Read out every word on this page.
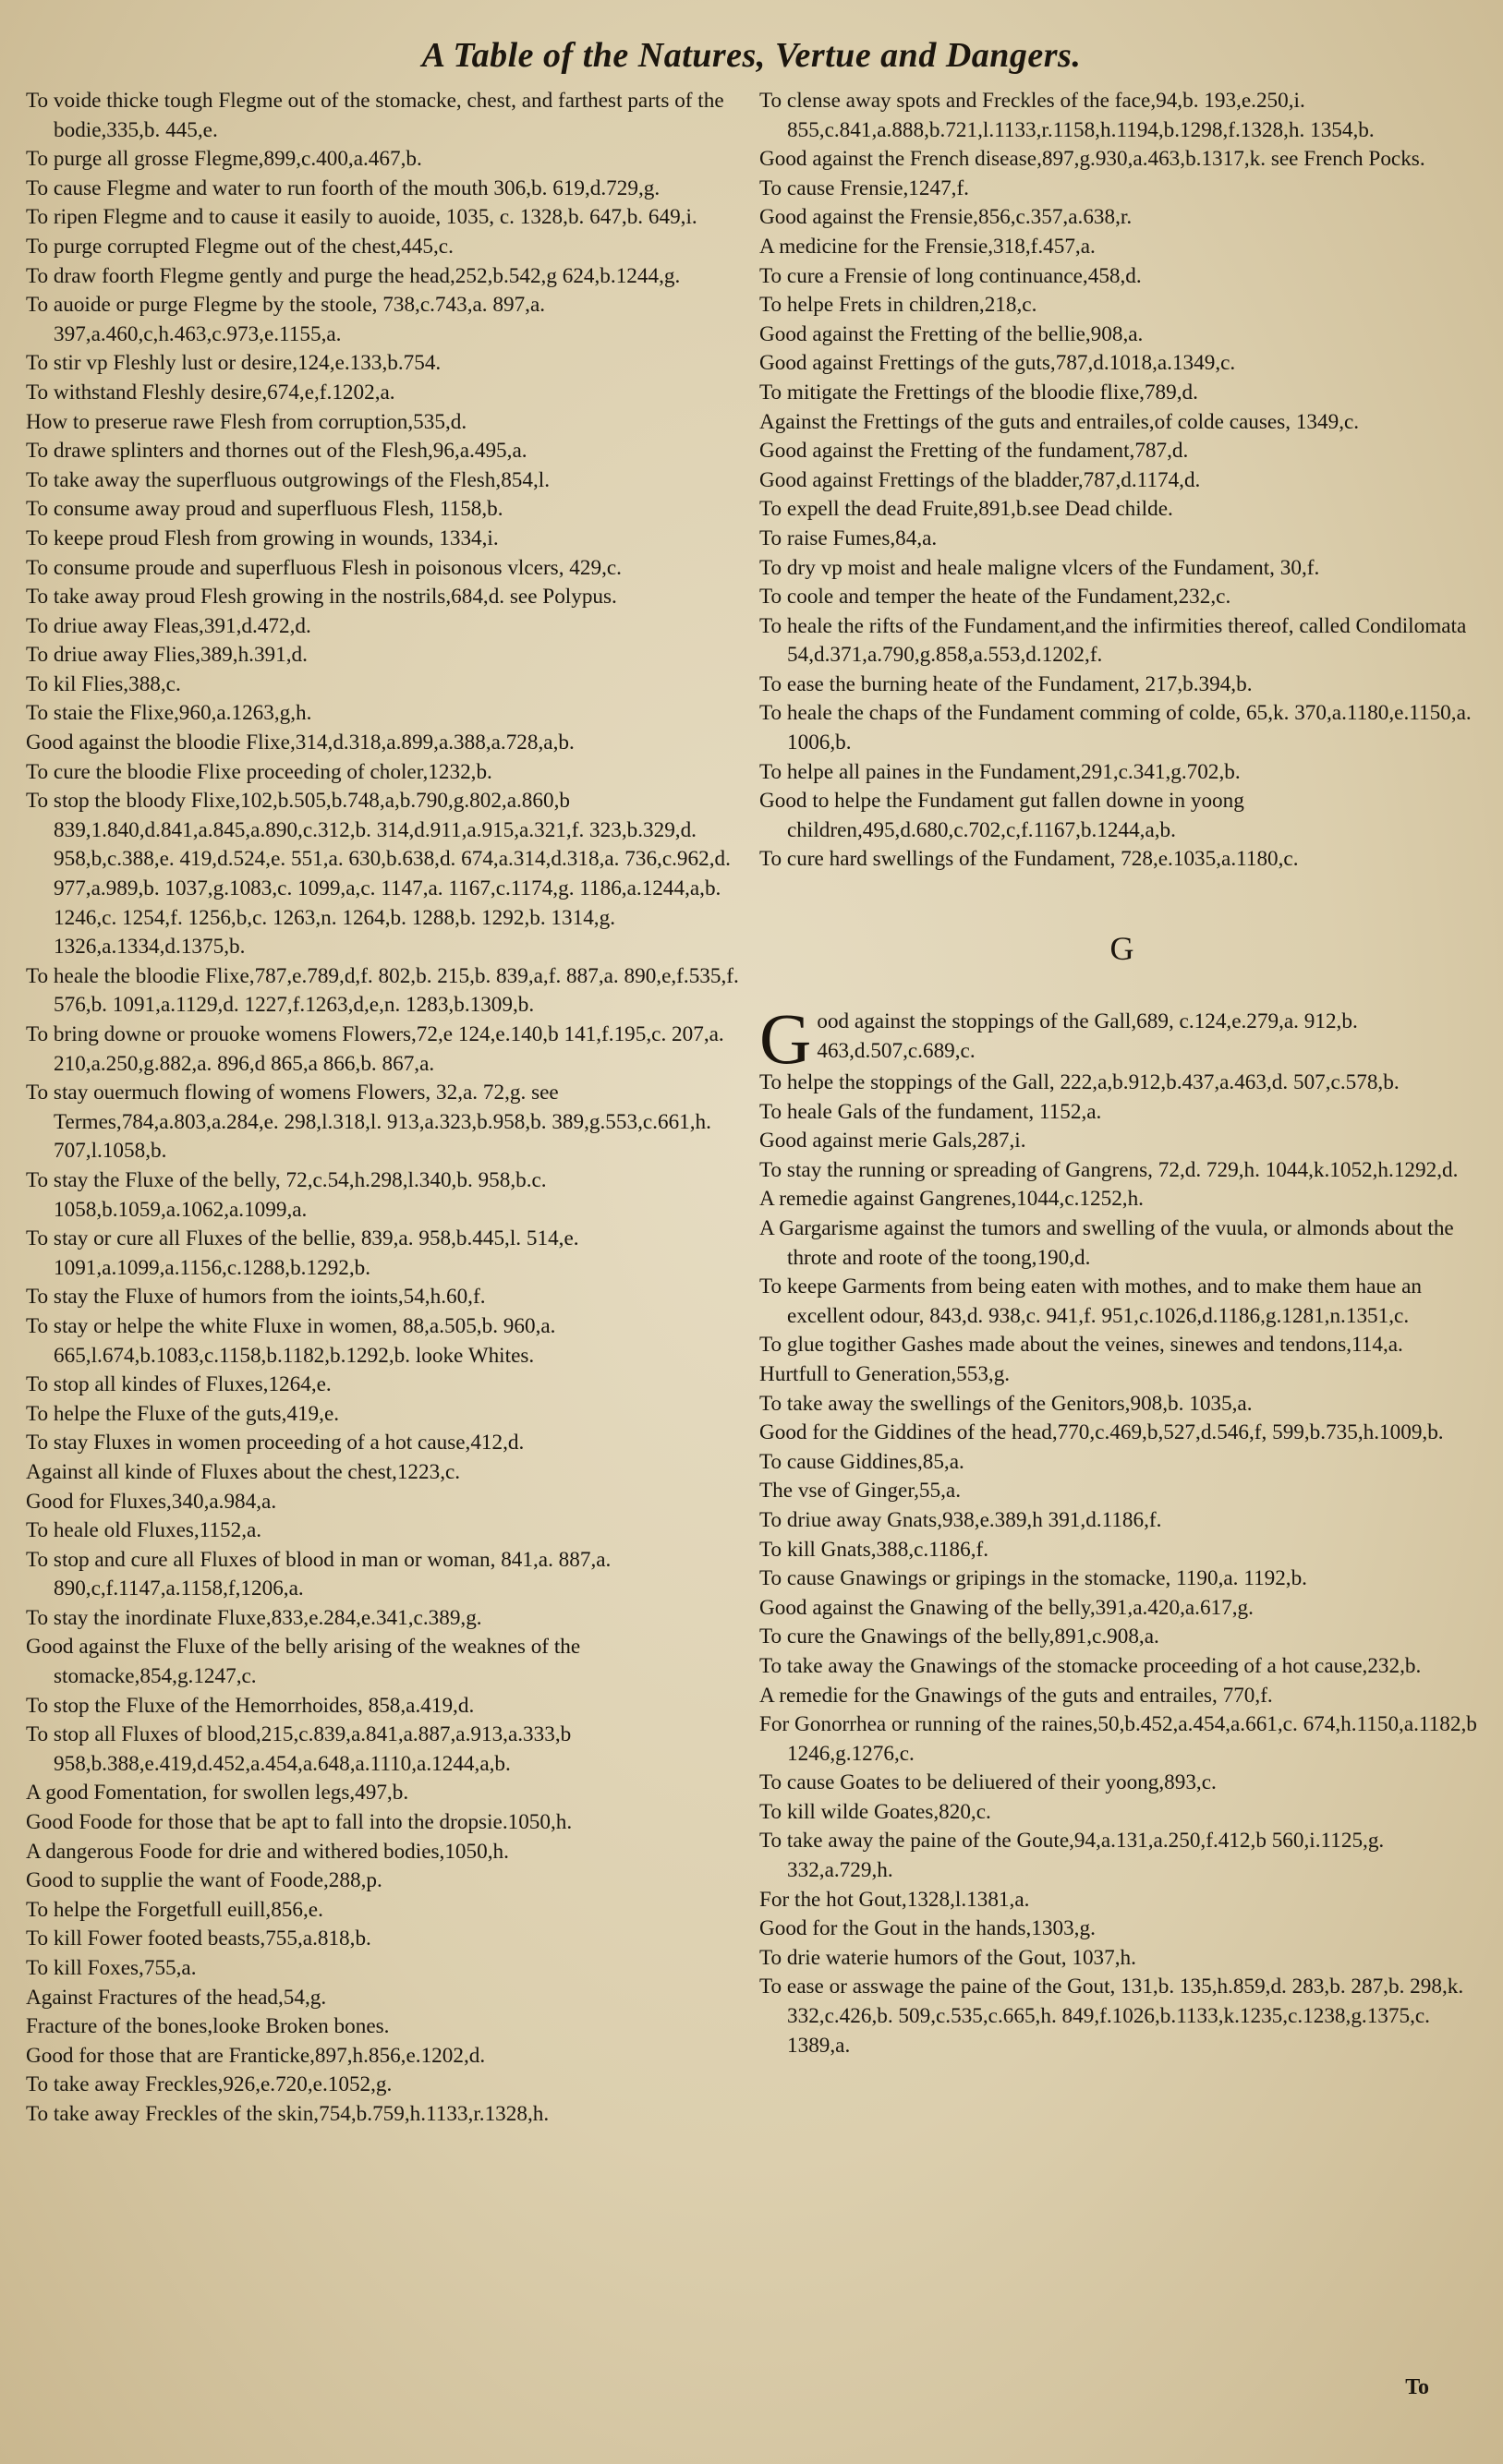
A Table of the Natures, Vertue and Dangers.
To voide thicke tough Flegme out of the stomacke, chest, and farthest parts of the bodie,335,b. 445,e.
To purge all grosse Flegme,899,c.400,a.467,b.
To cause Flegme and water to run foorth of the mouth 306,b. 619,d.729,g.
To ripen Flegme and to cause it easily to auoide, 1035, c. 1328,b. 647,b. 649,i.
To purge corrupted Flegme out of the chest,445,c.
To draw foorth Flegme gently and purge the head,252,b.542,g 624,b.1244,g.
To auoide or purge Flegme by the stoole, 738,c.743,a. 897,a. 397,a.460,c,h.463,c.973,e.1155,a.
To stir vp Fleshly lust or desire,124,e.133,b.754.
To withstand Fleshly desire,674,e,f.1202,a.
How to preserue rawe Flesh from corruption,535,d.
To drawe splinters and thornes out of the Flesh,96,a.495,a.
To take away the superfluous outgrowings of the Flesh,854,l.
To consume away proud and superfluous Flesh, 1158,b.
To keepe proud Flesh from growing in wounds, 1334,i.
To consume proude and superfluous Flesh in poisonous vlcers, 429,c.
To take away proud Flesh growing in the nostrils,684,d. see Polypus.
To driue away Fleas,391,d.472,d.
To driue away Flies,389,h.391,d.
To kil Flies,388,c.
To staie the Flixe,960,a.1263,g,h.
Good against the bloodie Flixe,314,d.318,a.899,a.388,a.728,a,b.
To cure the bloodie Flixe proceeding of choler,1232,b.
To stop the bloody Flixe,102,b.505,b.748,a,b.790,g.802,a.860,b 839,1.840,d.841,a.845,a.890,c.312,b. 314,d.911,a.915,a.321,f. 323,b.329,d. 958,b,c.388,e. 419,d.524,e. 551,a. 630,b.638,d. 674,a.314,d.318,a. 736,c.962,d. 977,a.989,b. 1037,g.1083,c. 1099,a,c. 1147,a. 1167,c.1174,g. 1186,a.1244,a,b. 1246,c. 1254,f. 1256,b,c. 1263,n. 1264,b. 1288,b. 1292,b. 1314,g. 1326,a.1334,d.1375,b.
To heale the bloodie Flixe,787,e.789,d,f. 802,b. 215,b. 839,a,f. 887,a. 890,e,f.535,f. 576,b. 1091,a.1129,d. 1227,f.1263,d,e,n. 1283,b.1309,b.
To bring downe or prouoke womens Flowers,72,e 124,e.140,b 141,f.195,c. 207,a. 210,a.250,g.882,a. 896,d 865,a 866,b. 867,a.
To stay ouermuch flowing of womens Flowers, 32,a. 72,g. see Termes,784,a.803,a.284,e. 298,l.318,l. 913,a.323,b.958,b. 389,g.553,c.661,h. 707,l.1058,b.
To stay the Fluxe of the belly, 72,c.54,h.298,l.340,b. 958,b.c. 1058,b.1059,a.1062,a.1099,a.
To stay or cure all Fluxes of the bellie, 839,a. 958,b.445,l. 514,e. 1091,a.1099,a.1156,c.1288,b.1292,b.
To stay the Fluxe of humors from the ioints,54,h.60,f.
To stay or helpe the white Fluxe in women, 88,a.505,b. 960,a. 665,l.674,b.1083,c.1158,b.1182,b.1292,b. looke Whites.
To stop all kindes of Fluxes,1264,e.
To helpe the Fluxe of the guts,419,e.
To stay Fluxes in women proceeding of a hot cause,412,d.
Against all kinde of Fluxes about the chest,1223,c.
Good for Fluxes,340,a.984,a.
To heale old Fluxes,1152,a.
To stop and cure all Fluxes of blood in man or woman, 841,a. 887,a. 890,c,f.1147,a.1158,f,1206,a.
To stay the inordinate Fluxe,833,e.284,e.341,c.389,g.
Good against the Fluxe of the belly arising of the weaknes of the stomacke,854,g.1247,c.
To stop the Fluxe of the Hemorrhoides, 858,a.419,d.
To stop all Fluxes of blood,215,c.839,a.841,a.887,a.913,a.333,b 958,b.388,e.419,d.452,a.454,a.648,a.1110,a.1244,a,b.
A good Fomentation, for swollen legs,497,b.
Good Foode for those that be apt to fall into the dropsie.1050,h.
A dangerous Foode for drie and withered bodies,1050,h.
Good to supplie the want of Foode,288,p.
To helpe the Forgetfull euill,856,e.
To kill Fower footed beasts,755,a.818,b.
To kill Foxes,755,a.
Against Fractures of the head,54,g.
Fracture of the bones,looke Broken bones.
Good for those that are Franticke,897,h.856,e.1202,d.
To take away Freckles,926,e.720,e.1052,g.
To take away Freckles of the skin,754,b.759,h.1133,r.1328,h.
To clense away spots and Freckles of the face,94,b. 193,e.250,i. 855,c.841,a.888,b.721,l.1133,r.1158,h.1194,b.1298,f.1328,h. 1354,b.
Good against the French disease,897,g.930,a.463,b.1317,k. see French Pocks.
To cause Frensie,1247,f.
Good against the Frensie,856,c.357,a.638,r.
A medicine for the Frensie,318,f.457,a.
To cure a Frensie of long continuance,458,d.
To helpe Frets in children,218,c.
Good against the Fretting of the bellie,908,a.
Good against Frettings of the guts,787,d.1018,a.1349,c.
To mitigate the Frettings of the bloodie flixe,789,d.
Against the Frettings of the guts and entrailes,of colde causes, 1349,c.
Good against the Fretting of the fundament,787,d.
Good against Frettings of the bladder,787,d.1174,d.
To expell the dead Fruite,891,b.see Dead childe.
To raise Fumes,84,a.
To dry vp moist and heale maligne vlcers of the Fundament, 30,f.
To coole and temper the heate of the Fundament,232,c.
To heale the rifts of the Fundament,and the infirmities thereof, called Condilomata 54,d.371,a.790,g.858,a.553,d.1202,f.
To ease the burning heate of the Fundament, 217,b.394,b.
To heale the chaps of the Fundament comming of colde, 65,k. 370,a.1180,e.1150,a. 1006,b.
To helpe all paines in the Fundament,291,c.341,g.702,b.
Good to helpe the Fundament gut fallen downe in yoong children,495,d.680,c.702,c,f.1167,b.1244,a,b.
To cure hard swellings of the Fundament, 728,e.1035,a.1180,c.
G
G ood against the stoppings of the Gall,689, c.124,e.279,a. 912,b. 463,d.507,c.689,c.
To helpe the stoppings of the Gall, 222,a,b.912,b.437,a.463,d. 507,c.578,b.
To heale Gals of the fundament, 1152,a.
Good against merie Gals,287,i.
To stay the running or spreading of Gangrens, 72,d. 729,h. 1044,k.1052,h.1292,d.
A remedie against Gangrenes,1044,c.1252,h.
A Gargarisme against the tumors and swelling of the vuula, or almonds about the throte and roote of the toong,190,d.
To keepe Garments from being eaten with mothes, and to make them haue an excellent odour, 843,d. 938,c. 941,f. 951,c.1026,d.1186,g.1281,n.1351,c.
To glue togither Gashes made about the veines, sinewes and tendons,114,a.
Hurtfull to Generation,553,g.
To take away the swellings of the Genitors,908,b. 1035,a.
Good for the Giddines of the head,770,c.469,b,527,d.546,f, 599,b.735,h.1009,b.
To cause Giddines,85,a.
The vse of Ginger,55,a.
To driue away Gnats,938,e.389,h 391,d.1186,f.
To kill Gnats,388,c.1186,f.
To cause Gnawings or gripings in the stomacke, 1190,a. 1192,b.
Good against the Gnawing of the belly,391,a.420,a.617,g.
To cure the Gnawings of the belly,891,c.908,a.
To take away the Gnawings of the stomacke proceeding of a hot cause,232,b.
A remedie for the Gnawings of the guts and entrailes, 770,f.
For Gonorrhea or running of the raines,50,b.452,a.454,a.661,c. 674,h.1150,a.1182,b 1246,g.1276,c.
To cause Goates to be deliuered of their yoong,893,c.
To kill wilde Goates,820,c.
To take away the paine of the Goute,94,a.131,a.250,f.412,b 560,i.1125,g. 332,a.729,h.
For the hot Gout,1328,l.1381,a.
Good for the Gout in the hands,1303,g.
To drie waterie humors of the Gout, 1037,h.
To ease or asswage the paine of the Gout, 131,b. 135,h.859,d. 283,b. 287,b. 298,k. 332,c.426,b. 509,c.535,c.665,h. 849,f.1026,b.1133,k.1235,c.1238,g.1375,c. 1389,a.
To
